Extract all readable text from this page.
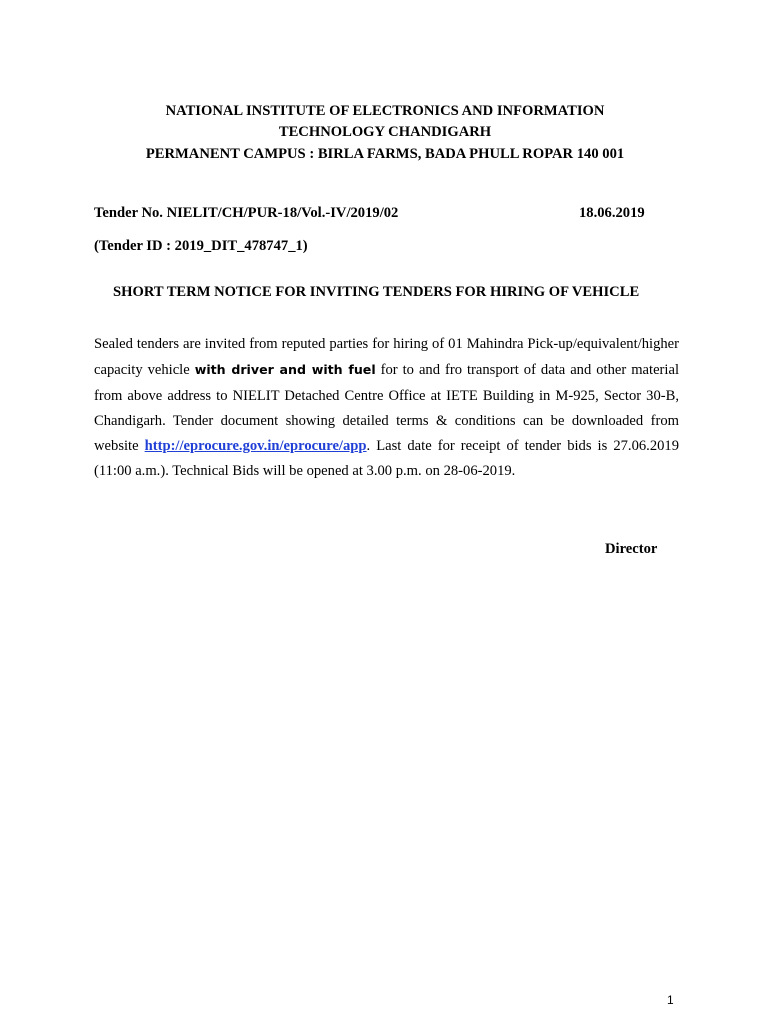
NATIONAL INSTITUTE OF ELECTRONICS AND INFORMATION
TECHNOLOGY CHANDIGARH
PERMANENT CAMPUS : BIRLA FARMS, BADA PHULL ROPAR 140 001
Tender No. NIELIT/CH/PUR-18/Vol.-IV/2019/02	18.06.2019
(Tender ID : 2019_DIT_478747_1)
SHORT TERM NOTICE FOR INVITING TENDERS FOR HIRING OF VEHICLE
Sealed tenders are invited from reputed parties for hiring of 01 Mahindra Pick-up/equivalent/higher capacity vehicle with driver and with fuel for to and fro transport of data and other material from above address to NIELIT Detached Centre Office at IETE Building in M-925, Sector 30-B, Chandigarh. Tender document showing detailed terms & conditions can be downloaded from website http://eprocure.gov.in/eprocure/app. Last date for receipt of tender bids is 27.06.2019 (11:00 a.m.). Technical Bids will be opened at 3.00 p.m. on 28-06-2019.
Director
1
